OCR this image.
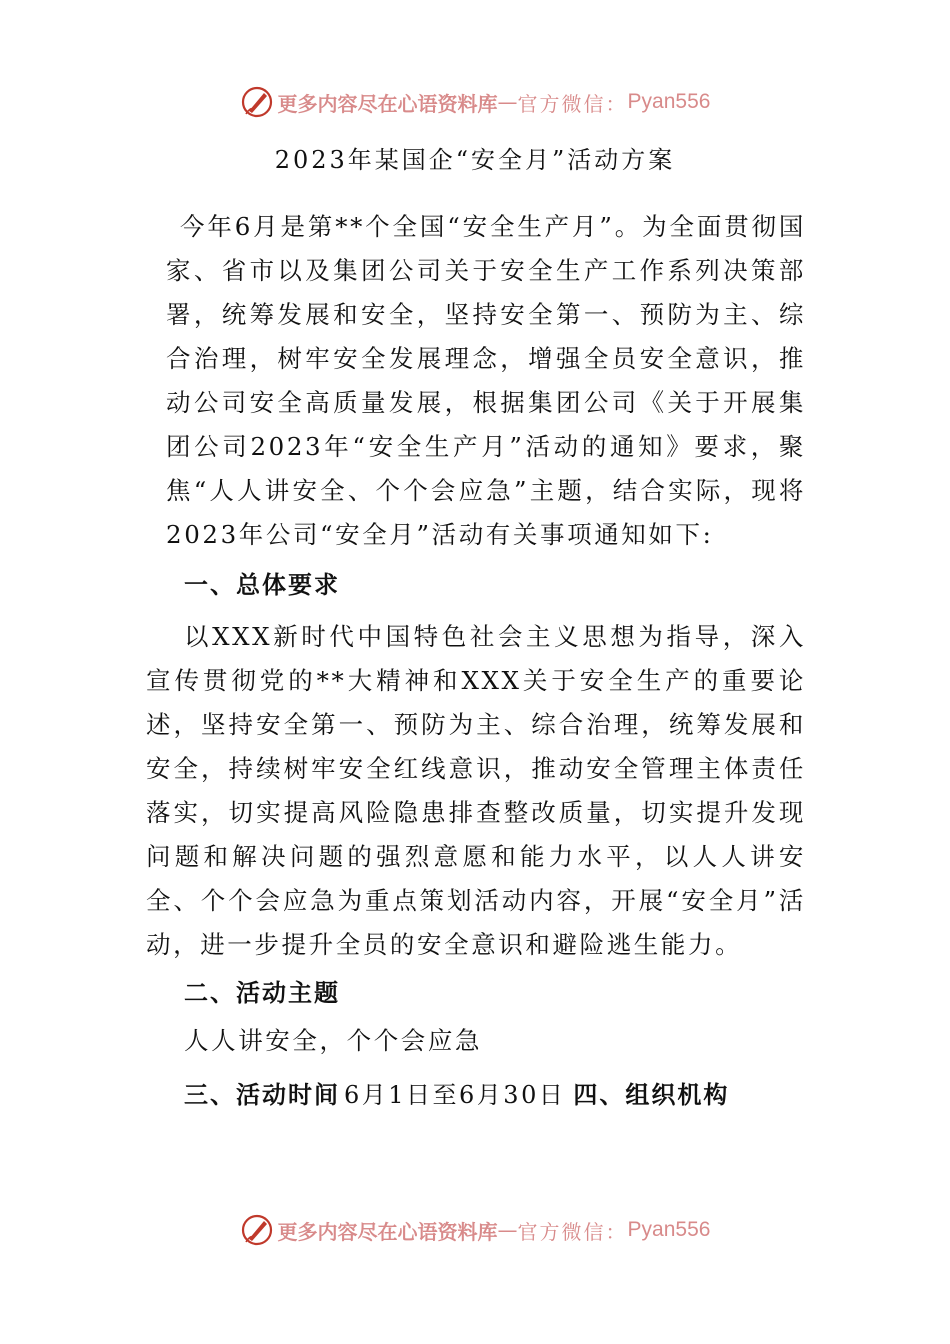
更多内容尽在心语资料库 — 官方微信： Pyan556
2023年某国企“安全月”活动方案
今年6月是第**个全国“安全生产月”。为全面贯彻国家、省市以及集团公司关于安全生产工作系列决策部署，统筹发展和安全，坚持安全第一、预防为主、综合治理，树牢安全发展理念，增强全员安全意识，推动公司安全高质量发展，根据集团公司《关于开展集团公司2023年“安全生产月”活动的通知》要求，聚焦“人人讲安全、个个会应急”主题，结合实际，现将2023年公司“安全月”活动有关事项通知如下:
一、总体要求
以XXX新时代中国特色社会主义思想为指导，深入宣传贯彻党的**大精神和XXX关于安全生产的重要论述，坚持安全第一、预防为主、综合治理，统筹发展和安全，持续树牢安全红线意识，推动安全管理主体责任落实，切实提高风险隐患排查整改质量，切实提升发现问题和解决问题的强烈意愿和能力水平，以人人讲安全、个个会应急为重点策划活动内容，开展“安全月”活动，进一步提升全员的安全意识和避险逃生能力。
二、活动主题
人人讲安全，个个会应急
三、活动时间 6月1日至6月30日 四、组织机构
更多内容尽在心语资料库 — 官方微信： Pyan556
